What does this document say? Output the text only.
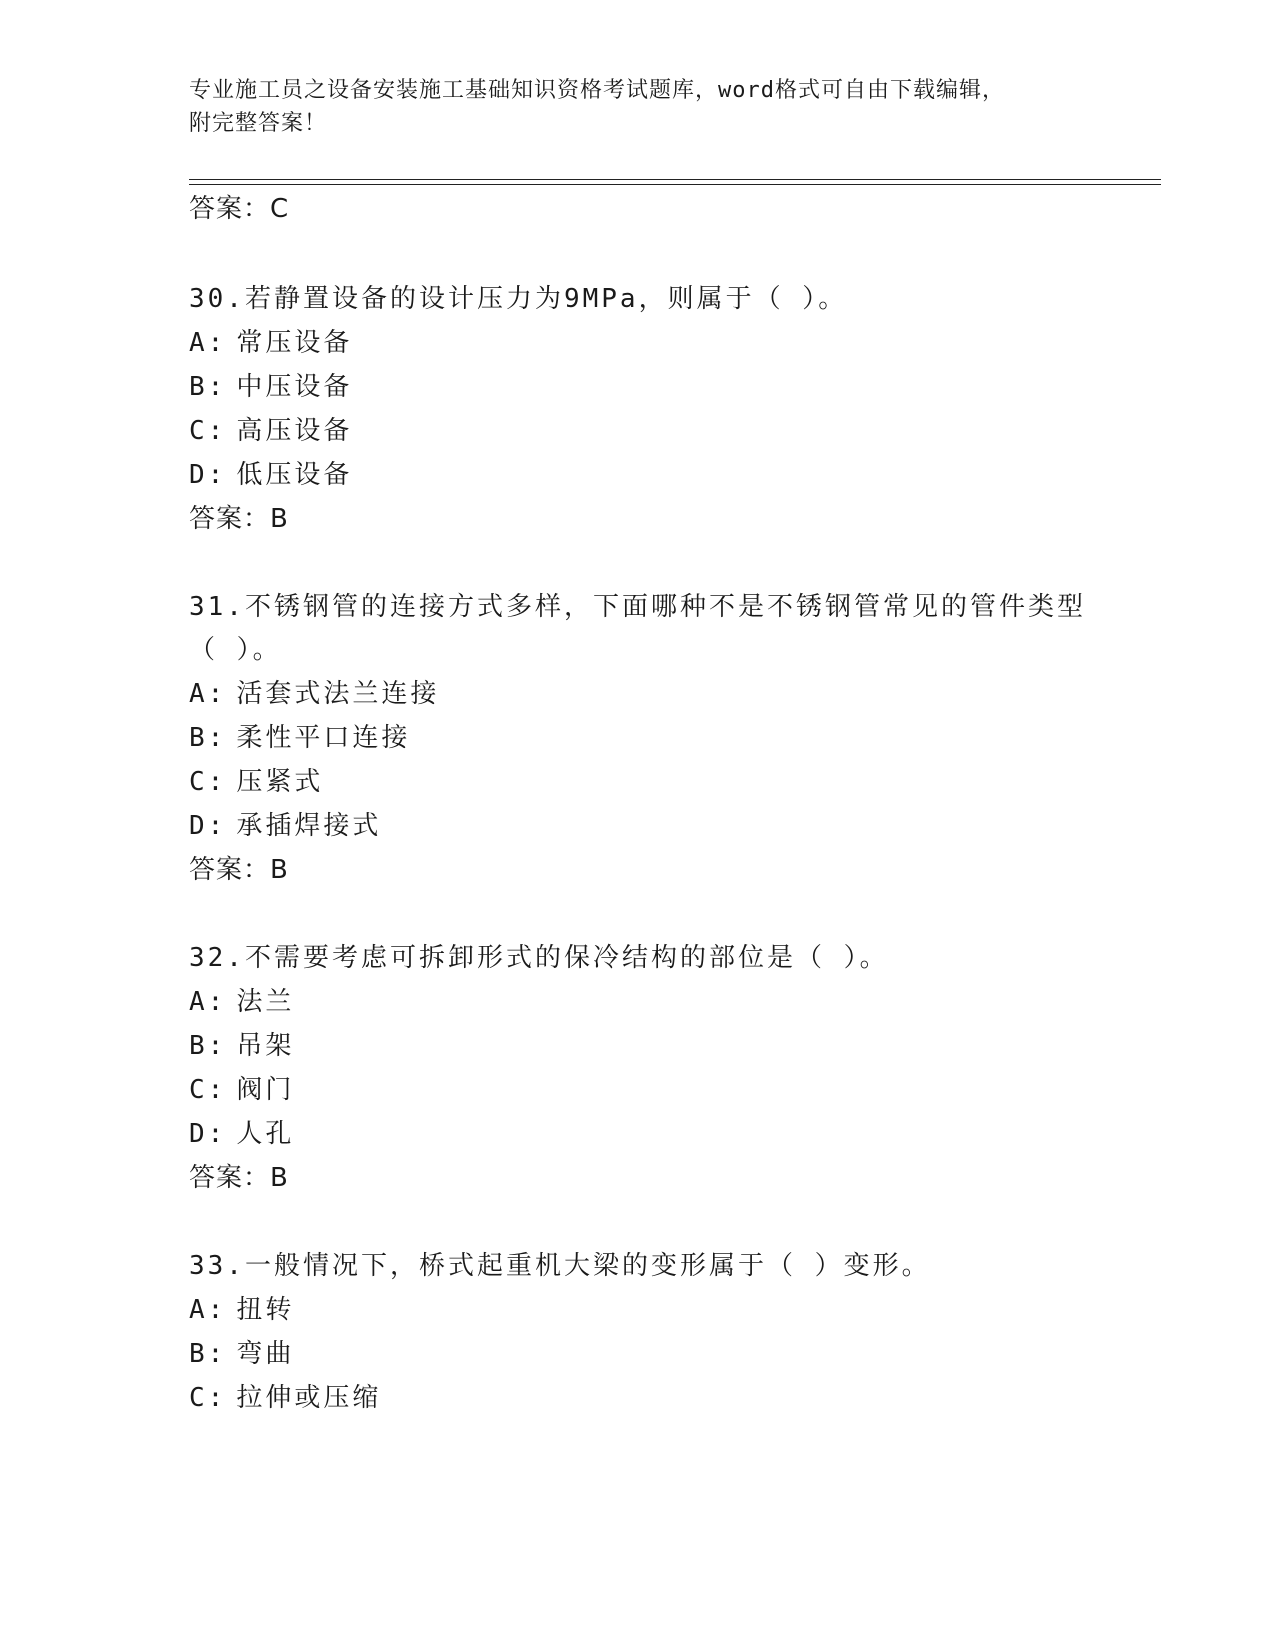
专业施工员之设备安装施工基础知识资格考试题库，word格式可自由下载编辑，
附完整答案！
答案：C
30.若静置设备的设计压力为9MPa，则属于（ ）。
A: 常压设备
B: 中压设备
C: 高压设备
D: 低压设备
答案：B
31.不锈钢管的连接方式多样，下面哪种不是不锈钢管常见的管件类型
（ ）。
A: 活套式法兰连接
B: 柔性平口连接
C: 压紧式
D: 承插焊接式
答案：B
32.不需要考虑可拆卸形式的保冷结构的部位是（ ）。
A: 法兰
B: 吊架
C: 阀门
D: 人孔
答案：B
33.一般情况下，桥式起重机大梁的变形属于（ ）变形。
A: 扭转
B: 弯曲
C: 拉伸或压缩
